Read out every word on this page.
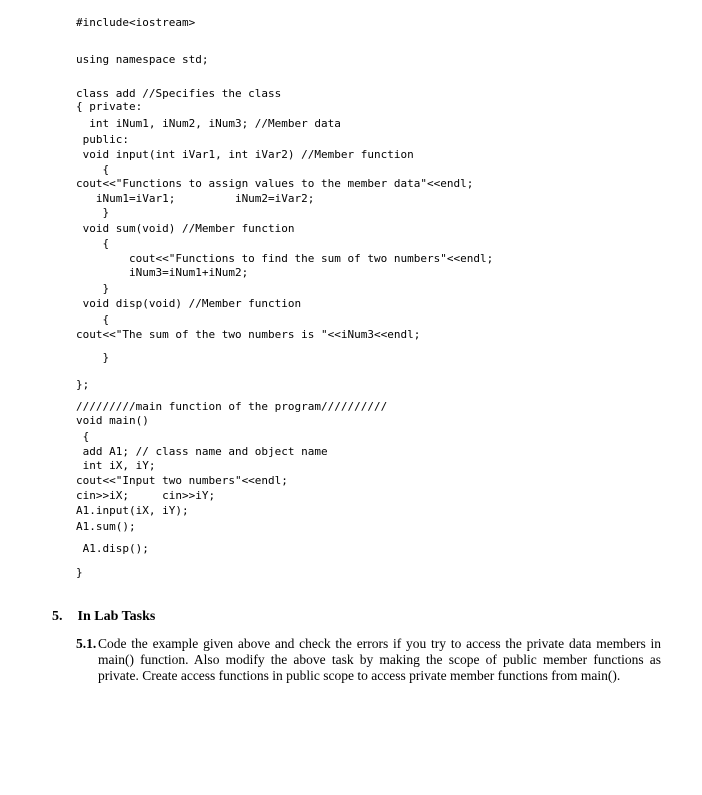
#include<iostream>

using namespace std;

class add //Specifies the class

{ private:

int iNum1, iNum2, iNum3; //Member data

public:

void input(int iVar1, int iVar2) //Member function

{

cout<<"Functions to assign values to the member data"<<endl;

iNum1=iVar1;         iNum2=iVar2;

}

void sum(void) //Member function

{

cout<<"Functions to find the sum of two numbers"<<endl;

iNum3=iNum1+iNum2;

}

void disp(void) //Member function

{

cout<<"The sum of the two numbers is "<<iNum3<<endl;

}

};

/////////main function of the program//////////

void main()

{

add A1; // class name and object name

int iX, iY;

cout<<"Input two numbers"<<endl;

cin>>iX;     cin>>iY;

A1.input(iX, iY);

A1.sum();

A1.disp();

}

5. In Lab Tasks
5.1. Code the example given above and check the errors if you try to access the private data members in main() function. Also modify the above task by making the scope of public member functions as private. Create access functions in public scope to access private member functions from main().
